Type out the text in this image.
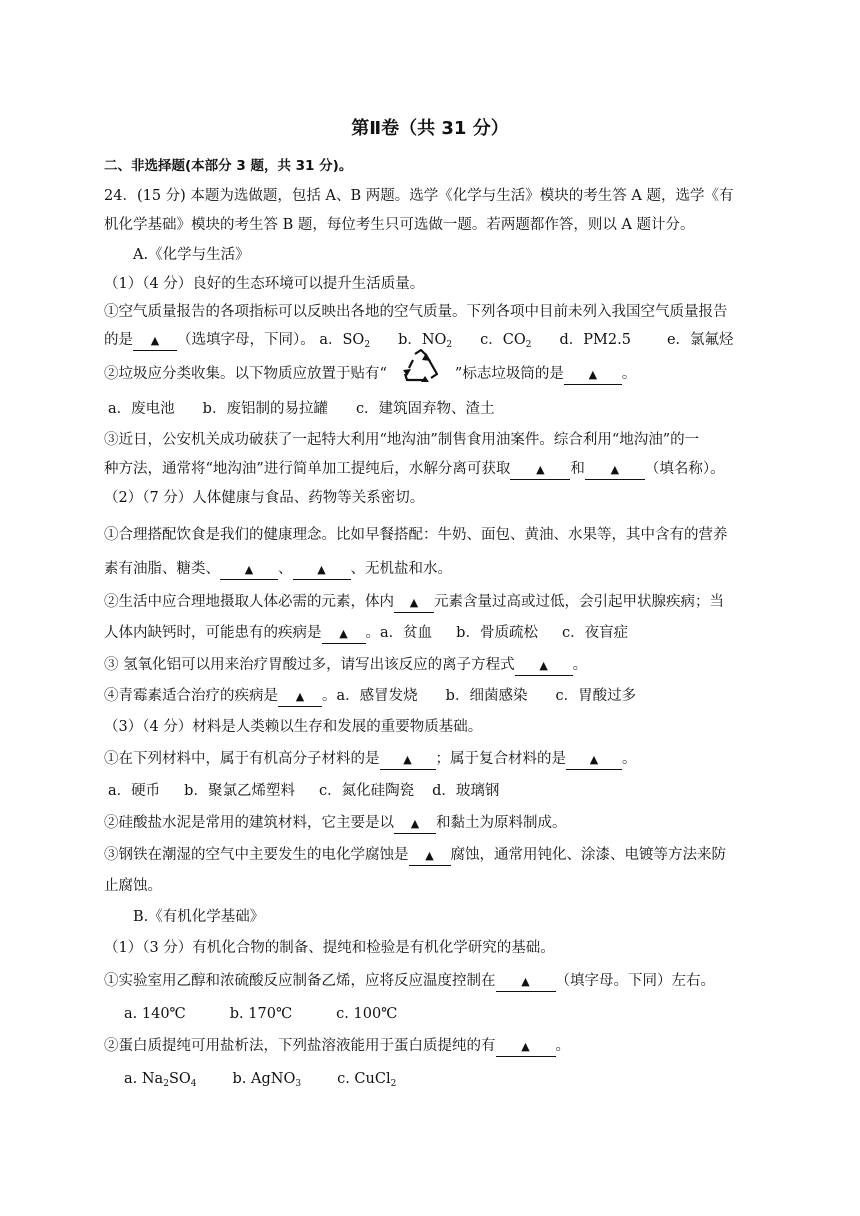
第Ⅱ卷（共 31 分）
二、非选择题(本部分 3 题，共 31 分)。
24．(15 分) 本题为选做题，包括 A、B 两题。选学《化学与生活》模块的考生答 A 题，选学《有
机化学基础》模块的考生答 B 题，每位考生只可选做一题。若两题都作答，则以 A 题计分。
A.《化学与生活》
（1）（4 分）良好的生态环境可以提升生活质量。
①空气质量报告的各项指标可以反映出各地的空气质量。下列各项中目前未列入我国空气质量报告
的是 ▲ （选填字母，下同）。 a．$SO_2$ b．$NO_2$ c．$CO_2$ d．PM2.5 e．氯氟烃
②垃圾应分类收集。以下物质应放置于贴有“	”标志垃圾筒的是 ▲ 。
a．废电池 b．废铝制的易拉罐 c．建筑固弃物、渣土
③近日，公安机关成功破获了一起特大利用“地沟油”制售食用油案件。综合利用“地沟油”的一
种方法，通常将“地沟油”进行简单加工提纯后，水解分离可获取 ▲ 和 ▲ （填名称）。
（2）（7 分）人体健康与食品、药物等关系密切。
①合理搭配饮食是我们的健康理念。比如早餐搭配：牛奶、面包、黄油、水果等，其中含有的营养
素有油脂、糖类、 ▲ 、 ▲ 、无机盐和水。
②生活中应合理地摄取人体必需的元素，体内 ▲ 元素含量过高或过低，会引起甲状腺疾病；当
人体内缺钙时，可能患有的疾病是 ▲ 。a．贫血 b．骨质疏松 c．夜盲症
③ 氢氧化铝可以用来治疗胃酸过多，请写出该反应的离子方程式 ▲ 。
④青霉素适合治疗的疾病是 ▲ 。a．感冒发烧 b．细菌感染 c．胃酸过多
（3）（4 分）材料是人类赖以生存和发展的重要物质基础。
①在下列材料中，属于有机高分子材料的是 ▲ ；属于复合材料的是 ▲ 。
a．硬币 b．聚氯乙烯塑料 c．氮化硅陶瓷 d．玻璃钢
②硅酸盐水泥是常用的建筑材料，它主要是以 ▲ 和黏土为原料制成。
③钢铁在潮湿的空气中主要发生的电化学腐蚀是 ▲ 腐蚀，通常用钝化、涂漆、电镀等方法来防
止腐蚀。
B.《有机化学基础》
（1）（3 分）有机化合物的制备、提纯和检验是有机化学研究的基础。
①实验室用乙醇和浓硫酸反应制备乙烯，应将反应温度控制在 ▲ （填字母。下同）左右。
a. 140℃	b. 170℃	c. 100℃
②蛋白质提纯可用盐析法，下列盐溶液能用于蛋白质提纯的有 ▲ 。
a. $Na_2SO_4$ b. AgNO$_3$ c. CuCl$_2$
